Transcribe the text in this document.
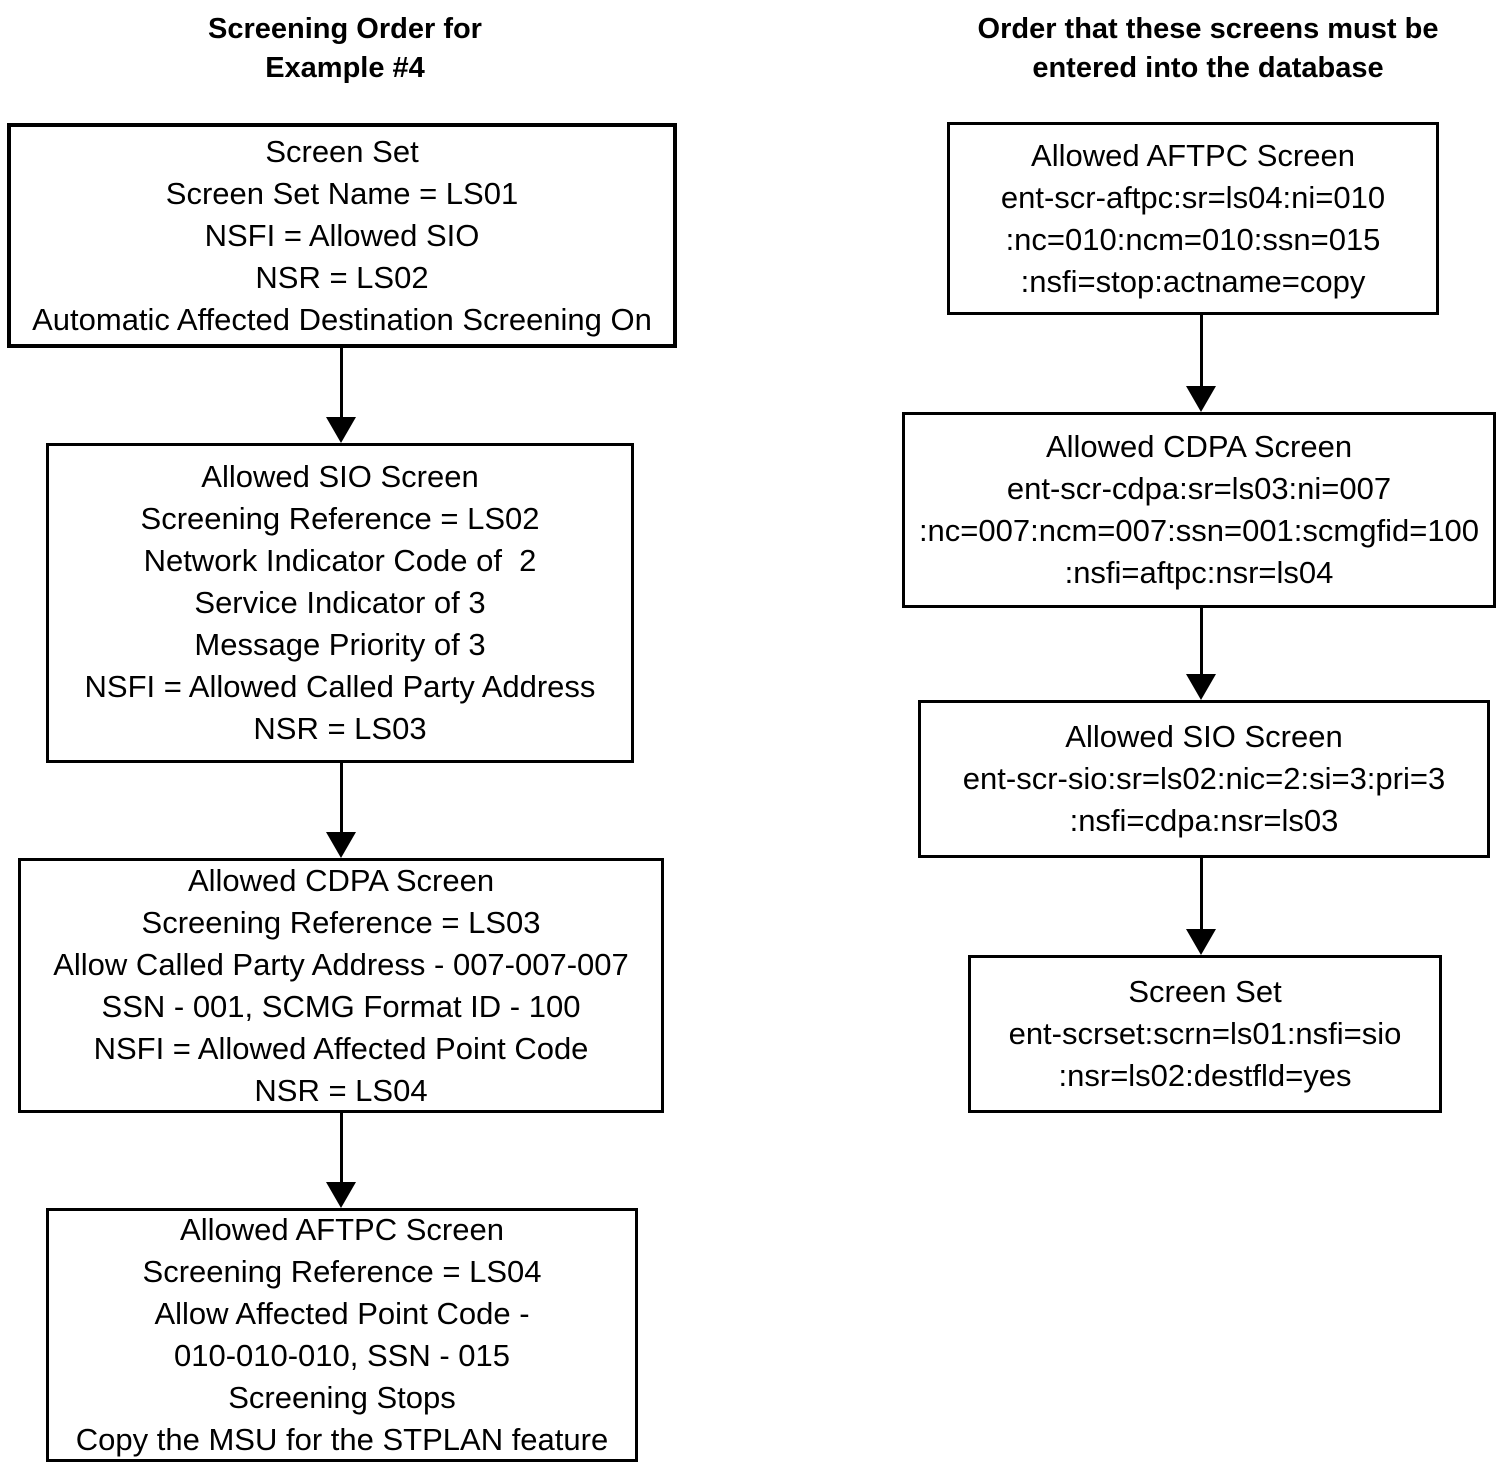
Screening Order for
Example #4
Order that these screens must be
entered into the database
Screen Set
Screen Set Name = LS01
NSFI = Allowed SIO
NSR = LS02
Automatic Affected Destination Screening On
Allowed SIO Screen
Screening Reference = LS02
Network Indicator Code of  2
Service Indicator of 3
Message Priority of 3
NSFI = Allowed Called Party Address
NSR = LS03
Allowed CDPA Screen
Screening Reference = LS03
Allow Called Party Address - 007-007-007
SSN - 001, SCMG Format ID - 100
NSFI = Allowed Affected Point Code
NSR = LS04
Allowed AFTPC Screen
Screening Reference = LS04
Allow Affected Point Code -
010-010-010, SSN - 015
Screening Stops
Copy the MSU for the STPLAN feature
Allowed AFTPC Screen
ent-scr-aftpc:sr=ls04:ni=010
:nc=010:ncm=010:ssn=015
:nsfi=stop:actname=copy
Allowed CDPA Screen
ent-scr-cdpa:sr=ls03:ni=007
:nc=007:ncm=007:ssn=001:scmgfid=100
:nsfi=aftpc:nsr=ls04
Allowed SIO Screen
ent-scr-sio:sr=ls02:nic=2:si=3:pri=3
:nsfi=cdpa:nsr=ls03
Screen Set
ent-scrset:scrn=ls01:nsfi=sio
:nsr=ls02:destfld=yes
